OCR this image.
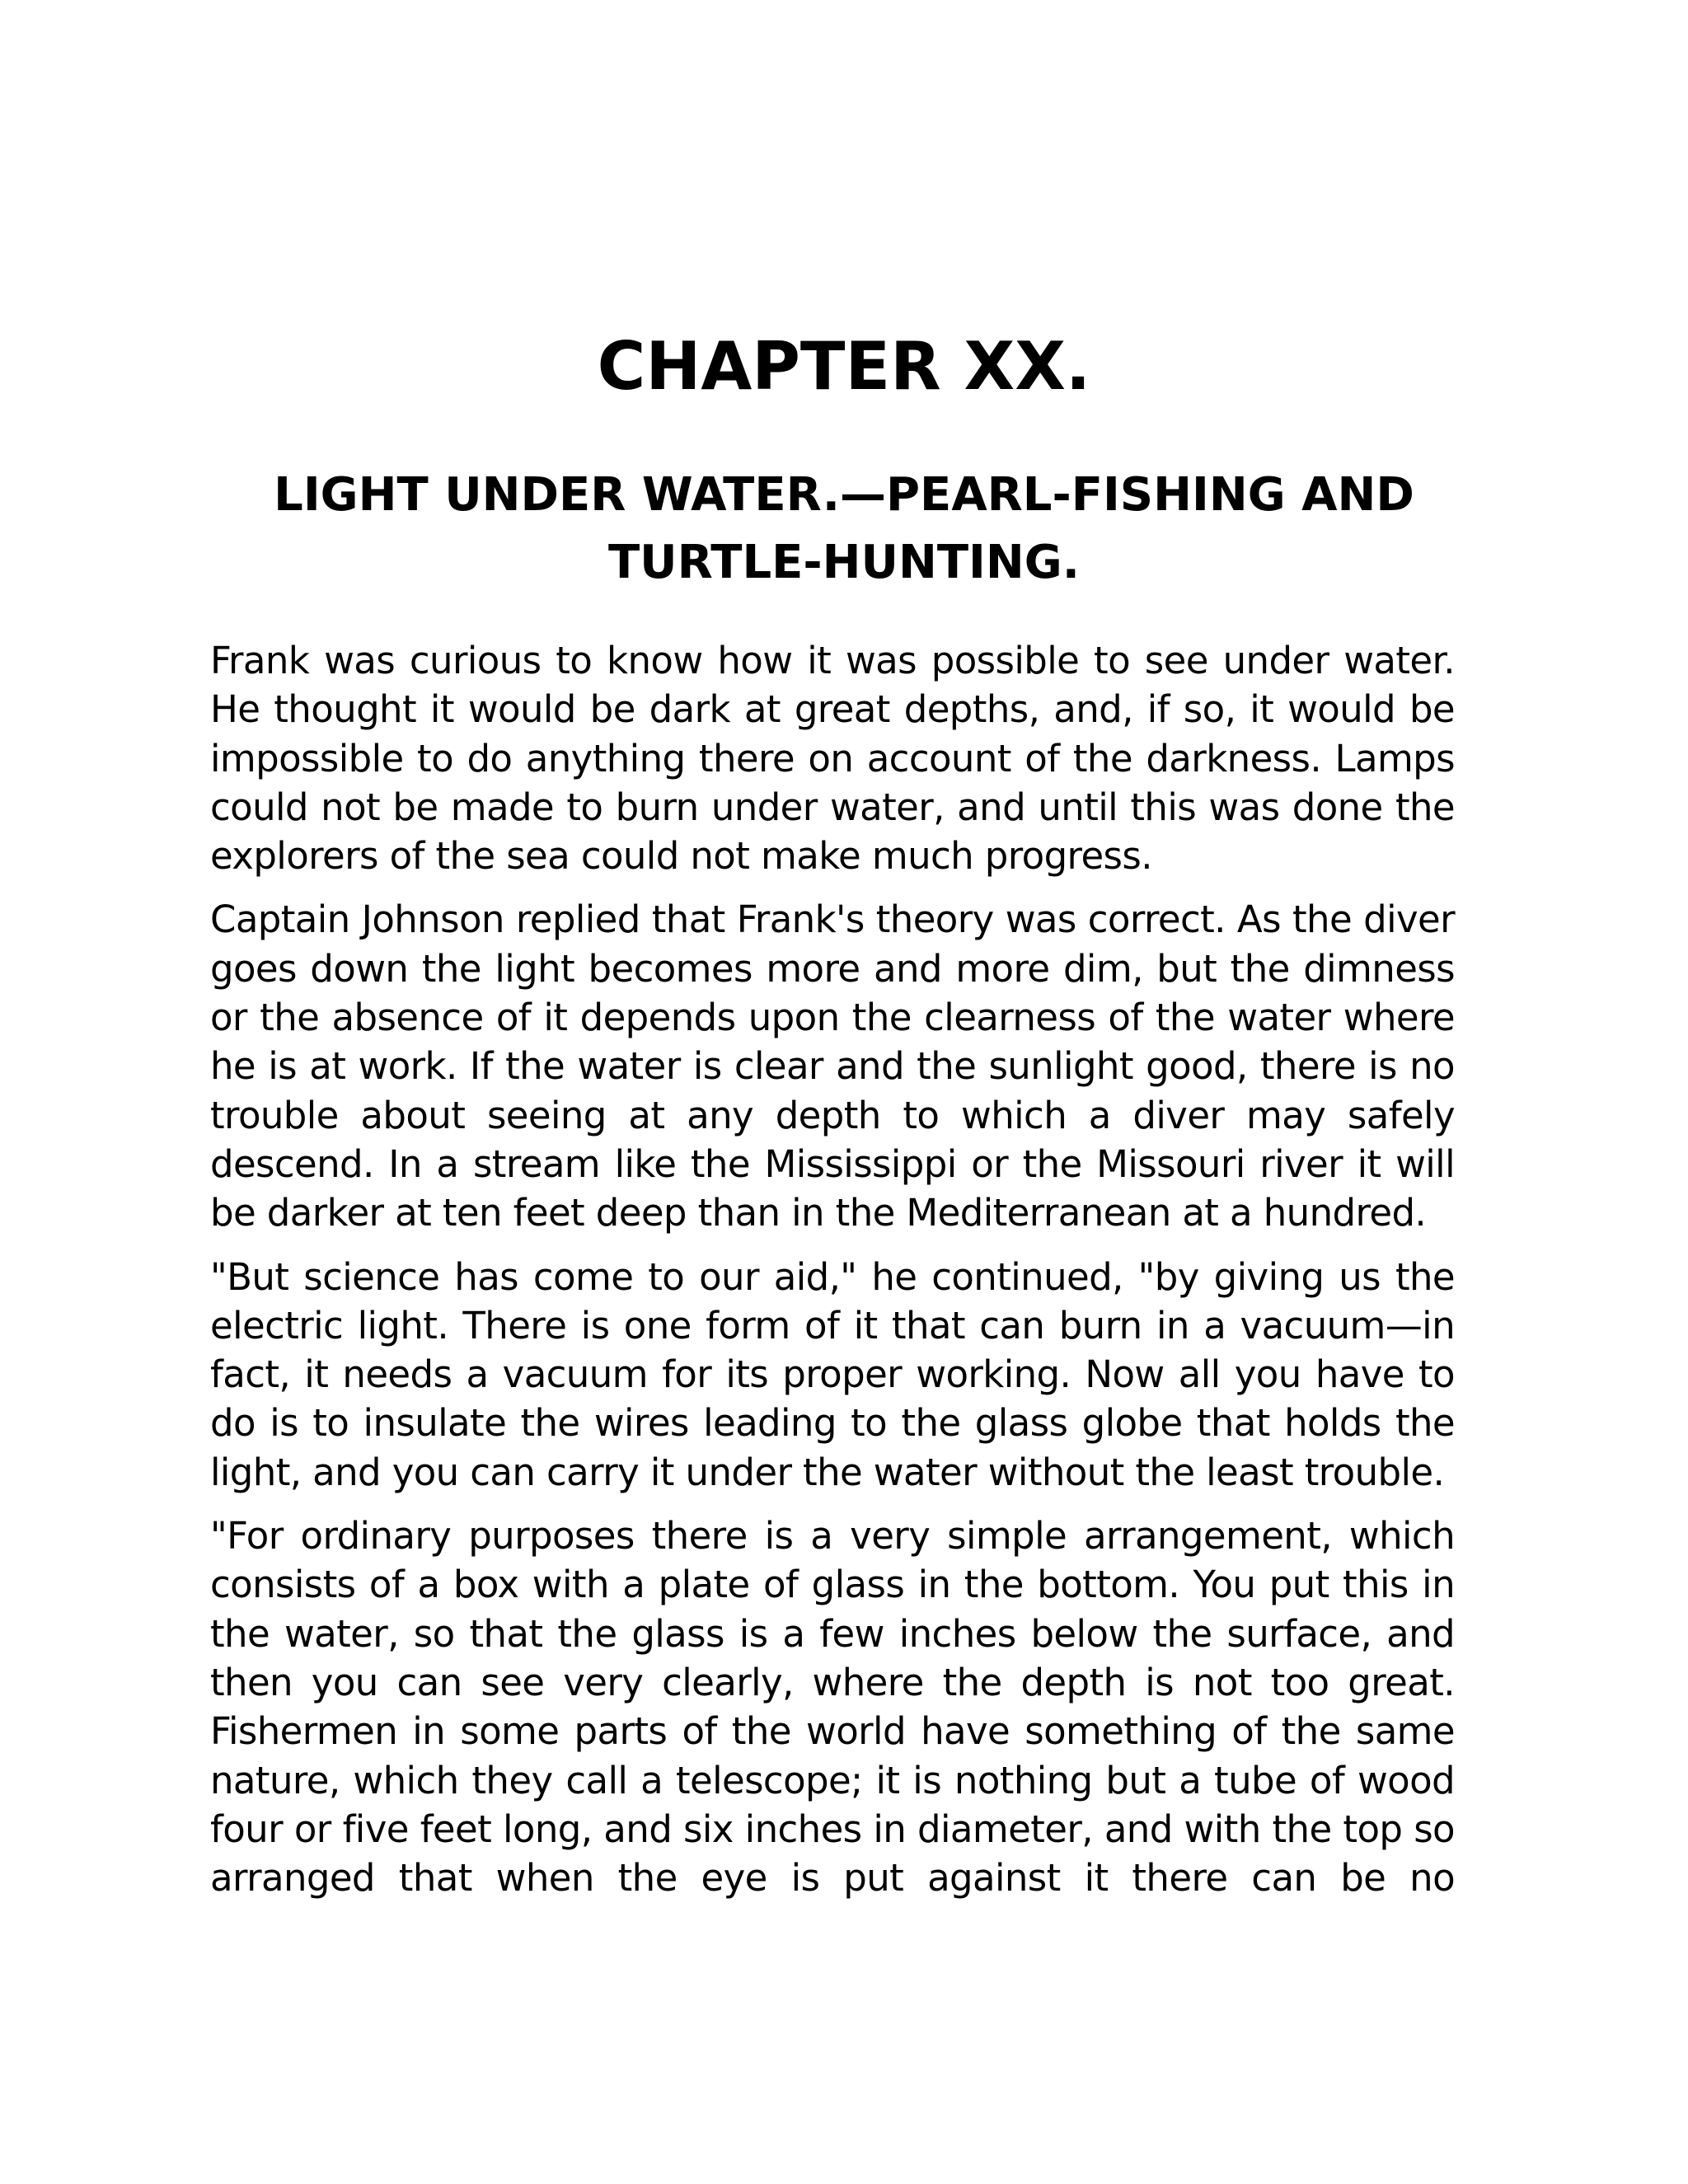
CHAPTER XX.
LIGHT UNDER WATER.—PEARL-FISHING AND TURTLE-HUNTING.

Frank was curious to know how it was possible to see under water. He thought it would be dark at great depths, and, if so, it would be impossible to do anything there on account of the darkness. Lamps could not be made to burn under water, and until this was done the explorers of the sea could not make much progress.

Captain Johnson replied that Frank's theory was correct. As the diver goes down the light becomes more and more dim, but the dimness or the absence of it depends upon the clearness of the water where he is at work. If the water is clear and the sunlight good, there is no trouble about seeing at any depth to which a diver may safely descend. In a stream like the Mississippi or the Missouri river it will be darker at ten feet deep than in the Mediterranean at a hundred.

"But science has come to our aid," he continued, "by giving us the electric light. There is one form of it that can burn in a vacuum—in fact, it needs a vacuum for its proper working. Now all you have to do is to insulate the wires leading to the glass globe that holds the light, and you can carry it under the water without the least trouble.

"For ordinary purposes there is a very simple arrangement, which consists of a box with a plate of glass in the bottom. You put this in the water, so that the glass is a few inches below the surface, and then you can see very clearly, where the depth is not too great. Fishermen in some parts of the world have something of the same nature, which they call a telescope; it is nothing but a tube of wood four or five feet long, and six inches in diameter, and with the top so arranged that when the eye is put against it there can be no
